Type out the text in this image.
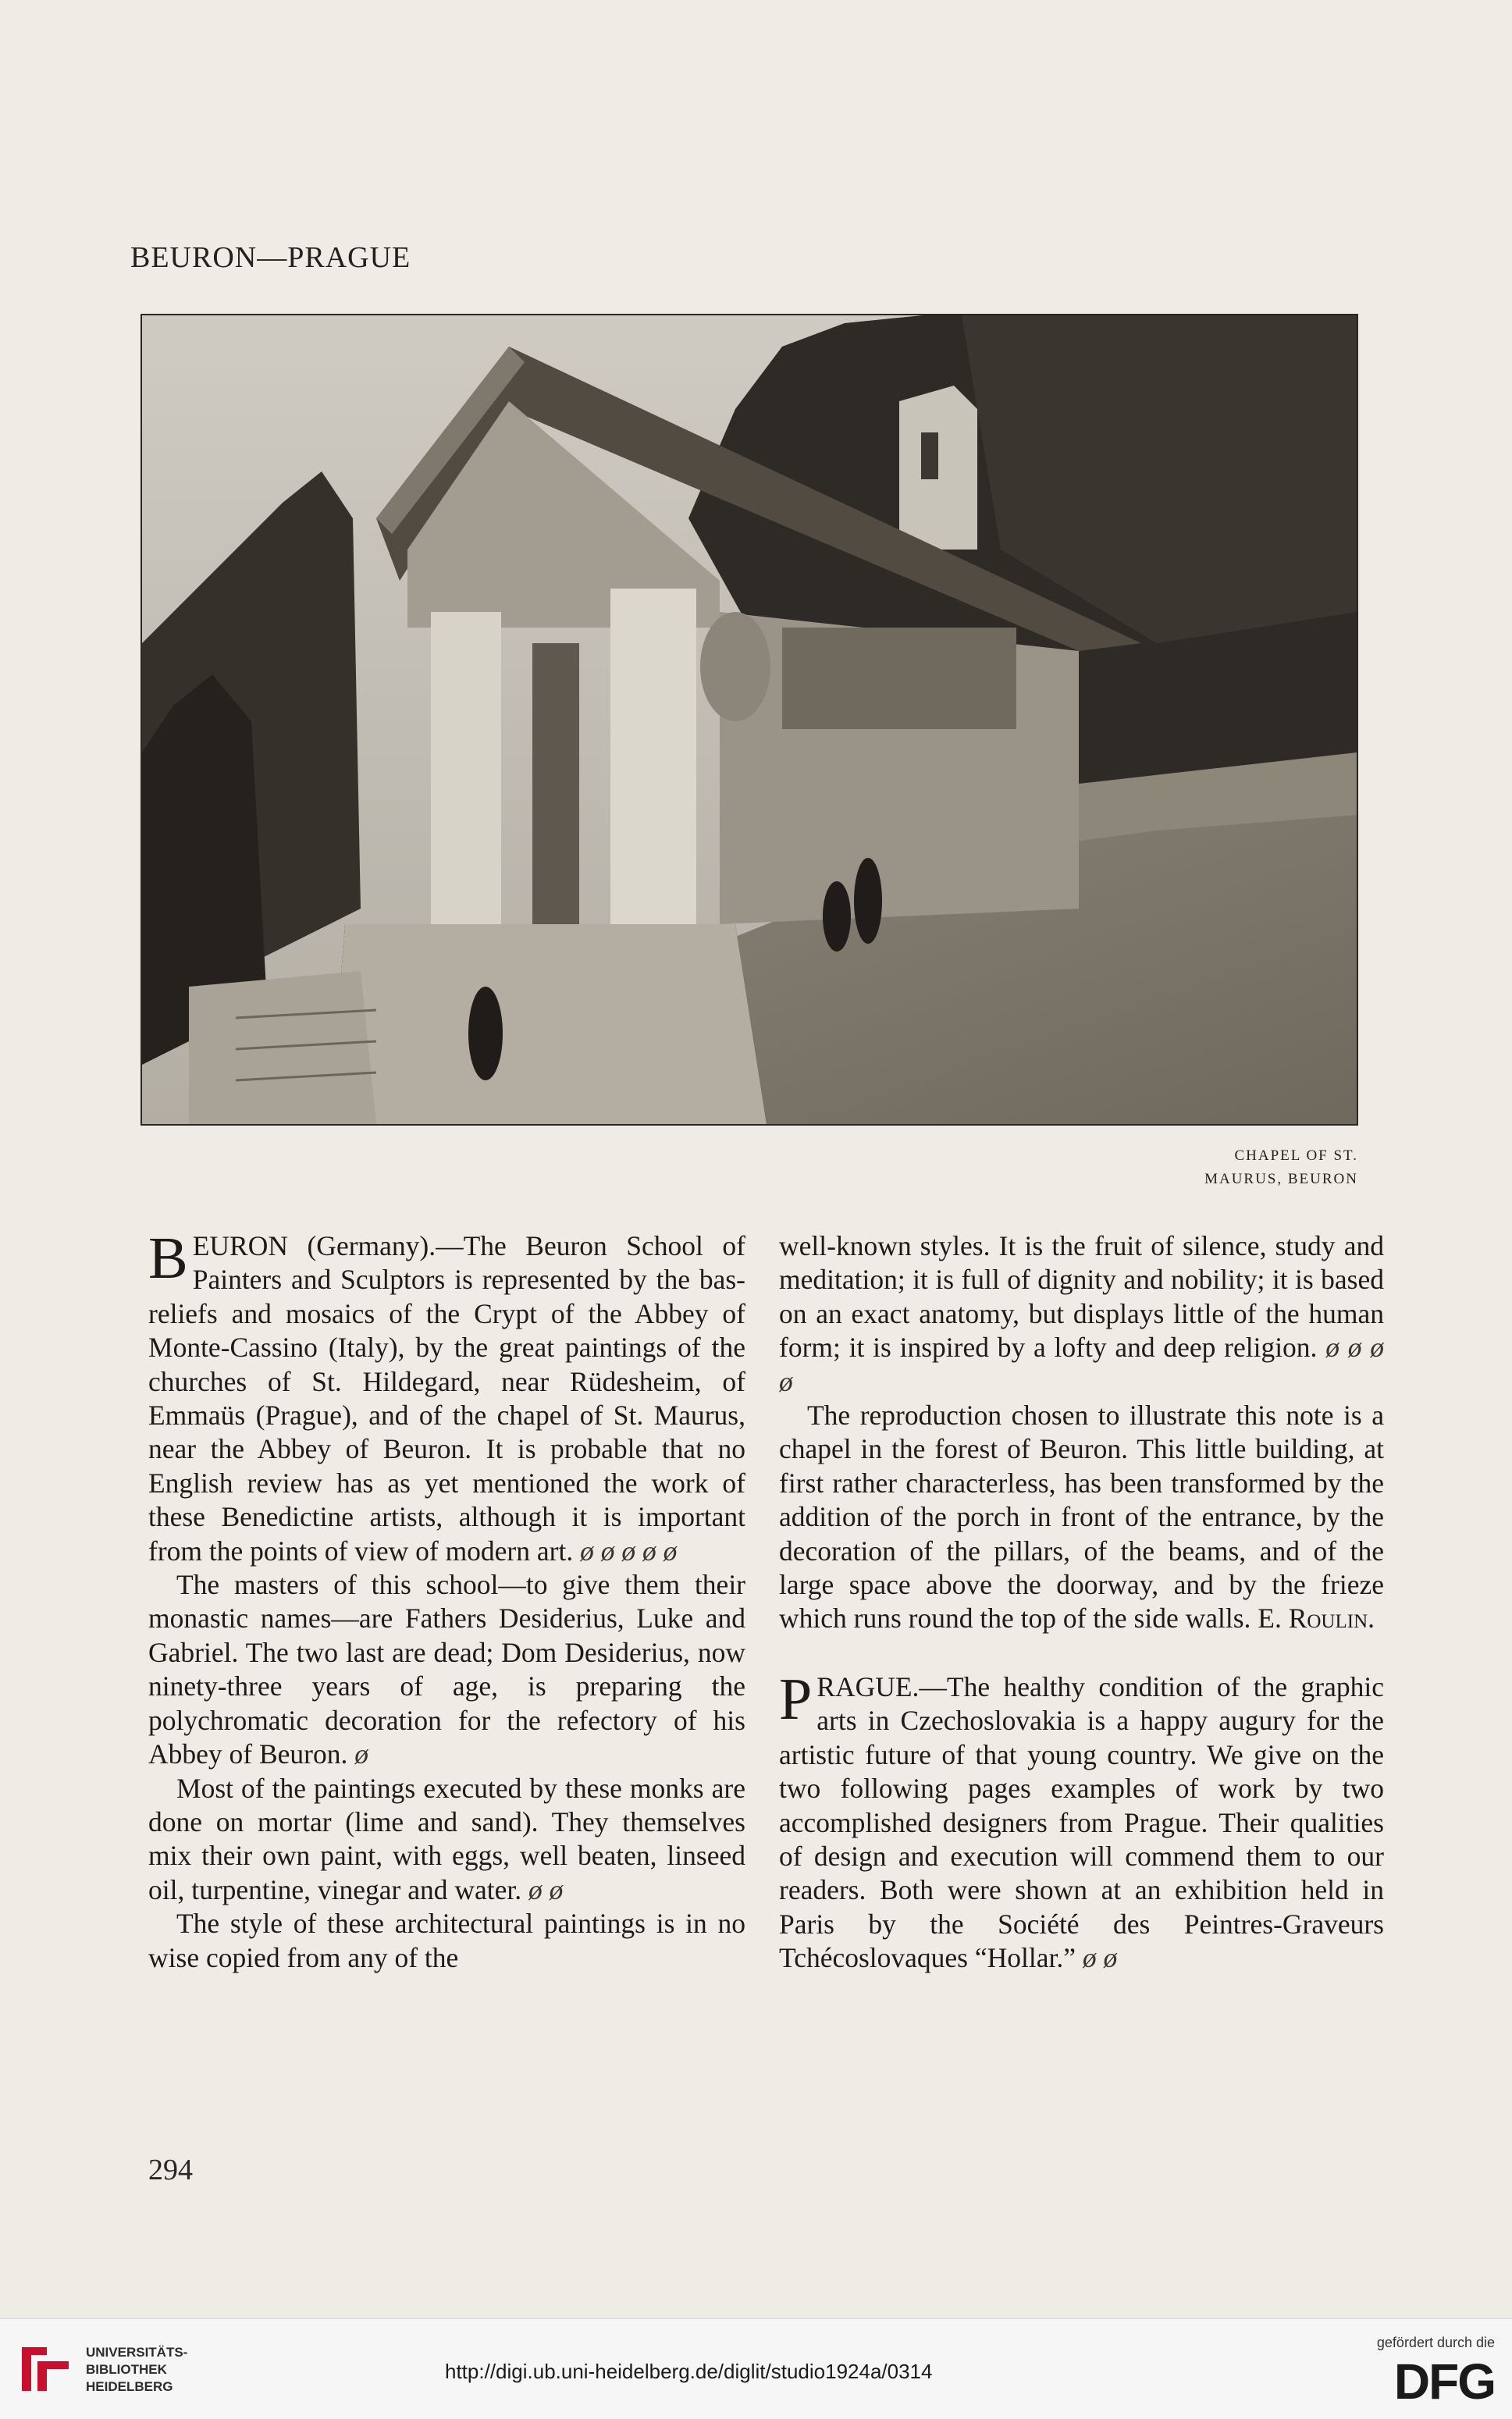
BEURON—PRAGUE
CHAPEL OF ST.
MAURUS, BEURON

BEURON (Germany).—The Beuron School of Painters and Sculptors is represented by the bas-reliefs and mosaics of the Crypt of the Abbey of Monte-Cassino (Italy), by the great paintings of the churches of St. Hildegard, near Rüdesheim, of Emmaüs (Prague), and of the chapel of St. Maurus, near the Abbey of Beuron. It is probable that no English review has as yet mentioned the work of these Benedictine artists, although it is important from the points of view of modern art. ø ø ø ø ø

The masters of this school—to give them their monastic names—are Fathers Desiderius, Luke and Gabriel. The two last are dead; Dom Desiderius, now ninety-three years of age, is preparing the polychromatic decoration for the refectory of his Abbey of Beuron. ø

Most of the paintings executed by these monks are done on mortar (lime and sand). They themselves mix their own paint, with eggs, well beaten, linseed oil, turpentine, vinegar and water. ø ø

The style of these architectural paintings is in no wise copied from any of the

well-known styles. It is the fruit of silence, study and meditation; it is full of dignity and nobility; it is based on an exact anatomy, but displays little of the human form; it is inspired by a lofty and deep religion. ø ø ø ø

The reproduction chosen to illustrate this note is a chapel in the forest of Beuron. This little building, at first rather characterless, has been transformed by the addition of the porch in front of the entrance, by the decoration of the pillars, of the beams, and of the large space above the doorway, and by the frieze which runs round the top of the side walls. E. Roulin.

PRAGUE.—The healthy condition of the graphic arts in Czechoslovakia is a happy augury for the artistic future of that young country. We give on the two following pages examples of work by two accomplished designers from Prague. Their qualities of design and execution will commend them to our readers. Both were shown at an exhibition held in Paris by the Société des Peintres-Graveurs Tchécoslovaques “Hollar.” ø ø

294
UNIVERSITÄTS-
BIBLIOTHEK
HEIDELBERG
http://digi.ub.uni-heidelberg.de/diglit/studio1924a/0314
gefördert durch die
DFG
